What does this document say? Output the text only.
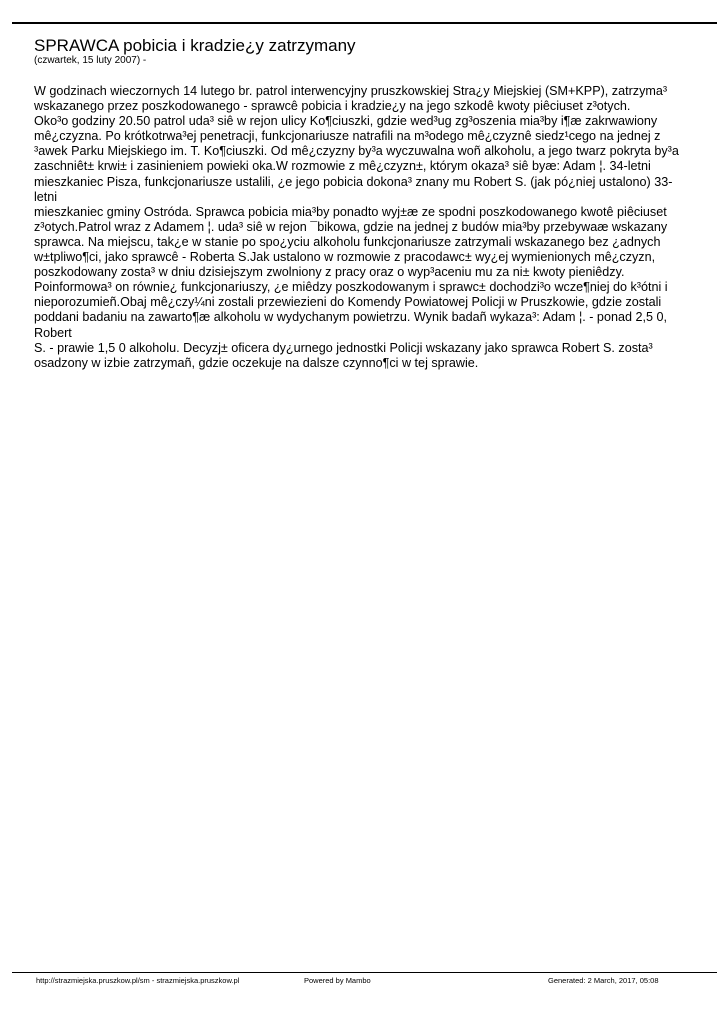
SPRAWCA pobicia i kradzie¿y zatrzymany
(czwartek, 15 luty 2007) -

W godzinach wieczornych 14 lutego br. patrol interwencyjny pruszkowskiej Stra¿y Miejskiej (SM+KPP), zatrzyma³
wskazanego przez poszkodowanego - sprawcê pobicia i kradzie¿y na jego szkodê kwoty piêciuset z³otych.
Oko³o godziny 20.50 patrol uda³ siê w rejon ulicy Ko¶ciuszki, gdzie wed³ug zg³oszenia mia³by i¶æ zakrwawiony
mê¿czyzna. Po krótkotrwa³ej penetracji, funkcjonariusze natrafili na m³odego mê¿czyznê siedz¹cego na jednej z
³awek Parku Miejskiego im. T. Ko¶ciuszki. Od mê¿czyzny by³a wyczuwalna woñ alkoholu, a jego twarz pokryta by³a
zaschniêt± krwi± i zasinieniem powieki oka.W rozmowie z mê¿czyzn±, którym okaza³ siê byæ: Adam ¦. 34-letni
mieszkaniec Pisza, funkcjonariusze ustalili, ¿e jego pobicia dokona³ znany mu Robert S. (jak pó¿niej ustalono) 33-letni
mieszkaniec gminy Ostróda. Sprawca pobicia mia³by ponadto wyj±æ ze spodni poszkodowanego kwotê piêciuset
z³otych.Patrol wraz z Adamem ¦. uda³ siê w rejon ¯bikowa, gdzie na jednej z budów mia³by przebywaæ wskazany
sprawca. Na miejscu, tak¿e w stanie po spo¿yciu alkoholu funkcjonariusze zatrzymali wskazanego bez ¿adnych
w±tpliwo¶ci, jako sprawcê - Roberta S.Jak ustalono w rozmowie z pracodawc± wy¿ej wymienionych mê¿czyzn,
poszkodowany zosta³ w dniu dzisiejszym zwolniony z pracy oraz o wyp³aceniu mu za ni± kwoty pieniêdzy.
Poinformowa³ on równie¿ funkcjonariuszy, ¿e miêdzy poszkodowanym i sprawc± dochodzi³o wcze¶niej do k³ótni i
nieporozumieñ.Obaj mê¿czy¼ni zostali przewiezieni do Komendy Powiatowej Policji w Pruszkowie, gdzie zostali
poddani badaniu na zawarto¶æ alkoholu w wydychanym powietrzu. Wynik badañ wykaza³: Adam ¦. - ponad 2,5 0, Robert
S. - prawie 1,5 0 alkoholu. Decyzj± oficera dy¿urnego jednostki Policji wskazany jako sprawca Robert S. zosta³
osadzony w izbie zatrzymañ, gdzie oczekuje na dalsze czynno¶ci w tej sprawie.

http://strazmiejska.pruszkow.pl/sm - strazmiejska.pruszkow.pl	Powered by Mambo	Generated: 2 March, 2017, 05:08
